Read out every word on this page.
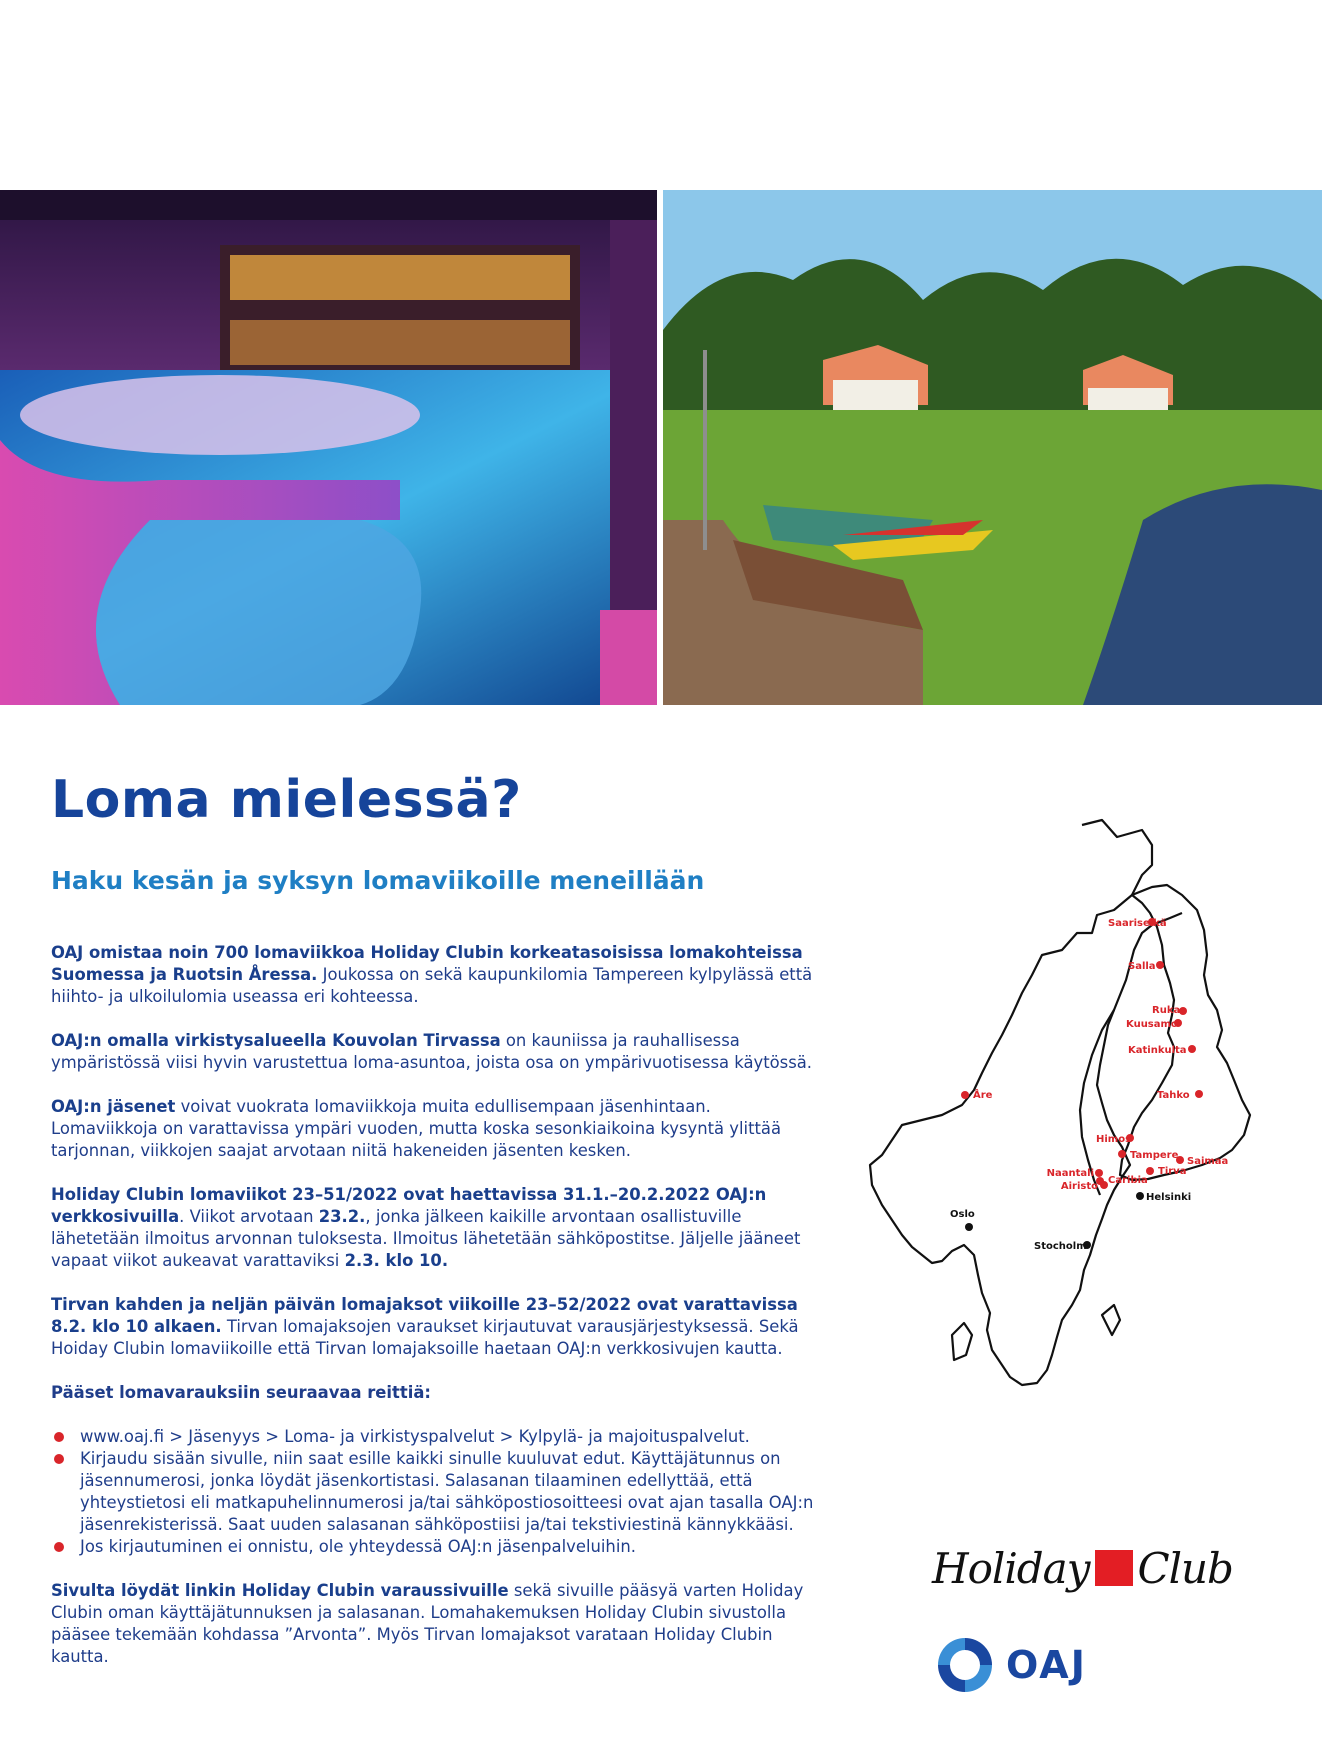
Loma mielessä?
Haku kesän ja syksyn lomaviikoille meneillään

OAJ omistaa noin 700 lomaviikkoa Holiday Clubin korkeatasoisissa lomakohteissa Suomessa ja Ruotsin Åressa. Joukossa on sekä kaupunkilomia Tampereen kylpylässä että hiihto- ja ulkoilulomia useassa eri kohteessa.

OAJ:n omalla virkistysalueella Kouvolan Tirvassa on kauniissa ja rauhallisessa ympäristössä viisi hyvin varustettua loma-asuntoa, joista osa on ympärivuotisessa käytössä.

OAJ:n jäsenet voivat vuokrata lomaviikkoja muita edullisempaan jäsenhintaan. Lomaviikkoja on varattavissa ympäri vuoden, mutta koska sesonkiaikoina kysyntä ylittää tarjonnan, viikkojen saajat arvotaan niitä hakeneiden jäsenten kesken.

Holiday Clubin lomaviikot 23–51/2022 ovat haettavissa 31.1.–20.2.2022 OAJ:n verkkosivuilla. Viikot arvotaan 23.2., jonka jälkeen kaikille arvontaan osallistuville lähetetään ilmoitus arvonnan tuloksesta. Ilmoitus lähetetään sähköpostitse. Jäljelle jääneet vapaat viikot aukeavat varattaviksi 2.3. klo 10.

Tirvan kahden ja neljän päivän lomajaksot viikoille 23–52/2022 ovat varattavissa 8.2. klo 10 alkaen. Tirvan lomajaksojen varaukset kirjautuvat varausjärjestyksessä. Sekä Hoiday Clubin lomaviikoille että Tirvan lomajaksoille haetaan OAJ:n verkkosivujen kautta.

Pääset lomavarauksiin seuraavaa reittiä:

www.oaj.fi > Jäsenyys > Loma- ja virkistyspalvelut > Kylpylä- ja majoituspalvelut.
Kirjaudu sisään sivulle, niin saat esille kaikki sinulle kuuluvat edut. Käyttäjätunnus on jäsennumerosi, jonka löydät jäsenkortistasi. Salasanan tilaaminen edellyttää, että yhteystietosi eli matkapuhelinnumerosi ja/tai sähköpostiosoitteesi ovat ajan tasalla OAJ:n jäsenrekisterissä. Saat uuden salasanan sähköpostiisi ja/tai tekstiviestinä kännykkääsi.
Jos kirjautuminen ei onnistu, ole yhteydessä OAJ:n jäsenpalveluihin.

Sivulta löydät linkin Holiday Clubin varaussivuille sekä sivuille pääsyä varten Holiday Clubin oman käyttäjätunnuksen ja salasanan. Lomahakemuksen Holiday Clubin sivustolla pääsee tekemään kohdassa ”Arvonta”. Myös Tirvan lomajaksot varataan Holiday Clubin kautta.

Saariselkä
Salla
Ruka
Kuusamo
Katinkulta
Tahko
Åre
Himos
Tampere
Saimaa
Tirva
Naantali
Caribia
Airisto
Helsinki
Oslo
Stocholm
Holiday Club
OAJ
